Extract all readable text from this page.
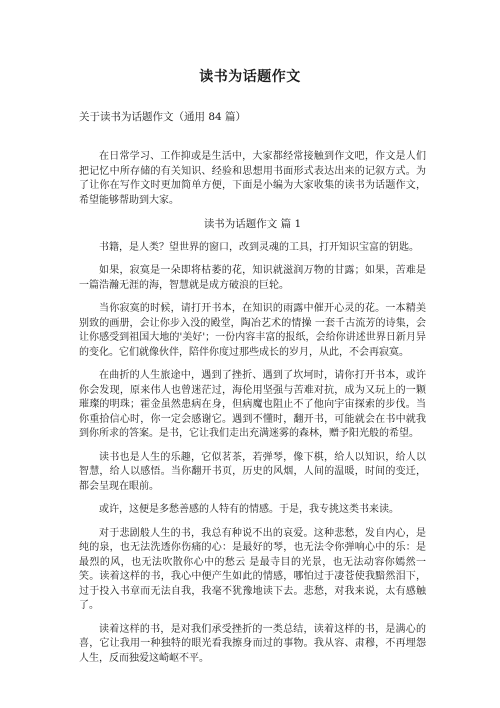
读书为话题作文
关于读书为话题作文（通用 84 篇）

在日常学习、工作抑或是生活中，大家都经常接触到作文吧，作文是人们把记忆中所存储的有关知识、经验和思想用书面形式表达出来的记叙方式。为了让你在写作文时更加简单方便，下面是小编为大家收集的读书为话题作文，希望能够帮助到大家。

读书为话题作文 篇 1

书籍，是人类？望世界的窗口，改到灵魂的工具，打开知识宝富的钥匙。

如果，寂寞是一朵即将枯萎的花，知识就滋润万物的甘露；如果，苦难是一篇浩瀚无涯的海，智慧就是成方破浪的巨轮。

当你寂寞的时候，请打开书本，在知识的雨露中催开心灵的花。一本精美别致的画册，会让你步入没的殿堂，陶冶艺术的情操 一套千古流芳的诗集，会让你感受到祖国大地的'美好'；一份内容丰富的报纸，会给你讲述世界日新月异的变化。它们就像伙伴，陪伴你度过那些成长的岁月，从此，不会再寂寞。

在曲折的人生旅途中，遇到了挫折、遇到了坎坷时，请你打开书本，或许你会发现，原来伟人也曾迷茫过，海伦用坚强与苦难对抗，成为又玩上的一颗璀璨的明珠；霍金虽然患病在身，但病魔也阻止不了他向宇宙探索的步伐。当你重拾信心时，你一定会感谢它。遇到不懂时，翻开书，可能就会在书中就我到你所求的答案。是书，它让我们走出充满迷雾的森林，赠予阳光般的希望。

读书也是人生的乐趣，它似茗茶，若弹琴，像下棋，给人以知识，给人以智慧，给人以感悟。当你翻开书页，历史的风烟，人间的温暖，时间的变迁，都会呈现在眼前。

或许，这便是多愁善感的人特有的情感。于是，我专挑这类书来读。

对于悲剧般人生的书，我总有种说不出的哀爱。这种悲愁，发自内心，是纯的泉，也无法洗透你伤痛的心：是最好的琴，也无法令你弹响心中的乐：是最烈的风，也无法吹散你心中的愁云 是最寺目的光景，也无法动容你嫣然一笑。读着这样的书，我心中便产生如此的情感，哪怕过于凄苍使我黯然泪下，过于投入书章而无法自我，我毫不犹豫地读下去。悲愁，对我来说，太有感触了。

读着这样的书，是对我们承受挫折的一类总结，读着这样的书，是满心的喜，它让我用一种独特的眼光看我擦身而过的事物。我从容、肃穆，不再埋怨人生，反而独爱这崎岖不平。
